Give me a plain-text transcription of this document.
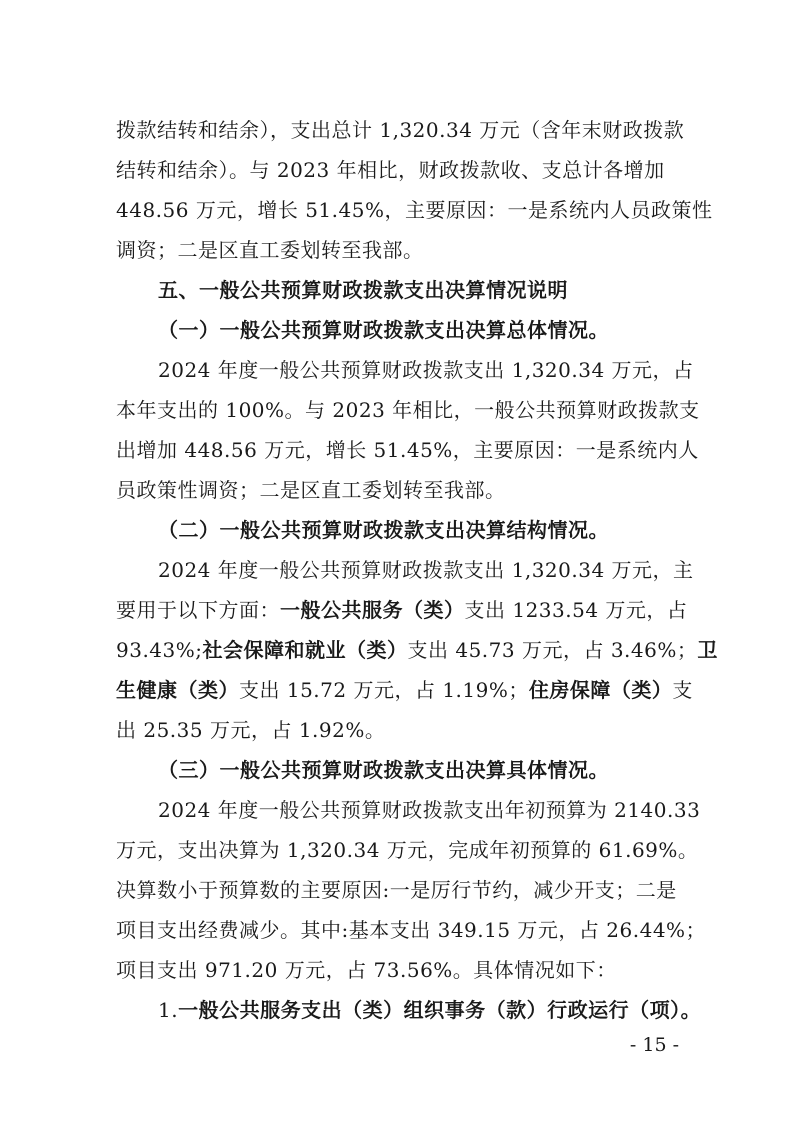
拨款结转和结余），支出总计 1,320.34 万元（含年末财政拨款
结转和结余）。与 2023 年相比，财政拨款收、支总计各增加
448.56 万元，增长 51.45%，主要原因：一是系统内人员政策性
调资；二是区直工委划转至我部。
五、一般公共预算财政拨款支出决算情况说明
（一）一般公共预算财政拨款支出决算总体情况。
2024 年度一般公共预算财政拨款支出 1,320.34 万元，占
本年支出的 100%。与 2023 年相比，一般公共预算财政拨款支
出增加 448.56 万元，增长 51.45%，主要原因：一是系统内人
员政策性调资；二是区直工委划转至我部。
（二）一般公共预算财政拨款支出决算结构情况。
2024 年度一般公共预算财政拨款支出 1,320.34 万元，主
要用于以下方面：一般公共服务（类）支出 1233.54 万元，占
93.43%;社会保障和就业（类）支出 45.73 万元，占 3.46%；卫
生健康（类）支出 15.72 万元，占 1.19%；住房保障（类）支
出 25.35 万元，占 1.92%。
（三）一般公共预算财政拨款支出决算具体情况。
2024 年度一般公共预算财政拨款支出年初预算为 2140.33
万元，支出决算为 1,320.34 万元，完成年初预算的 61.69%。
决算数小于预算数的主要原因:一是厉行节约，减少开支；二是
项目支出经费减少。其中:基本支出 349.15 万元，占 26.44%；
项目支出 971.20 万元，占 73.56%。具体情况如下：
1.一般公共服务支出（类）组织事务（款）行政运行（项）。
- 15 -
